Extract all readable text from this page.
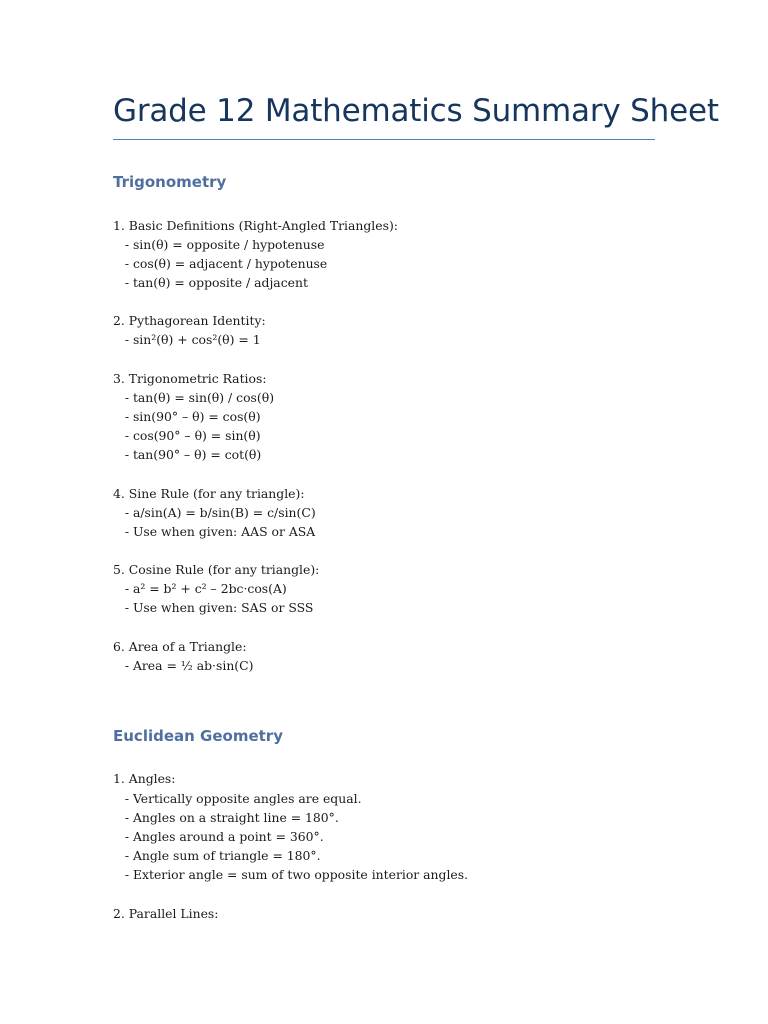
Grade 12 Mathematics Summary Sheet
Trigonometry
1. Basic Definitions (Right-Angled Triangles):
- sin(θ) = opposite / hypotenuse
- cos(θ) = adjacent / hypotenuse
- tan(θ) = opposite / adjacent
2. Pythagorean Identity:
- sin²(θ) + cos²(θ) = 1
3. Trigonometric Ratios:
- tan(θ) = sin(θ) / cos(θ)
- sin(90° – θ) = cos(θ)
- cos(90° – θ) = sin(θ)
- tan(90° – θ) = cot(θ)
4. Sine Rule (for any triangle):
- a/sin(A) = b/sin(B) = c/sin(C)
- Use when given: AAS or ASA
5. Cosine Rule (for any triangle):
- a² = b² + c² – 2bc·cos(A)
- Use when given: SAS or SSS
6. Area of a Triangle:
- Area = ½ ab·sin(C)
Euclidean Geometry
1. Angles:
- Vertically opposite angles are equal.
- Angles on a straight line = 180°.
- Angles around a point = 360°.
- Angle sum of triangle = 180°.
- Exterior angle = sum of two opposite interior angles.
2. Parallel Lines:
